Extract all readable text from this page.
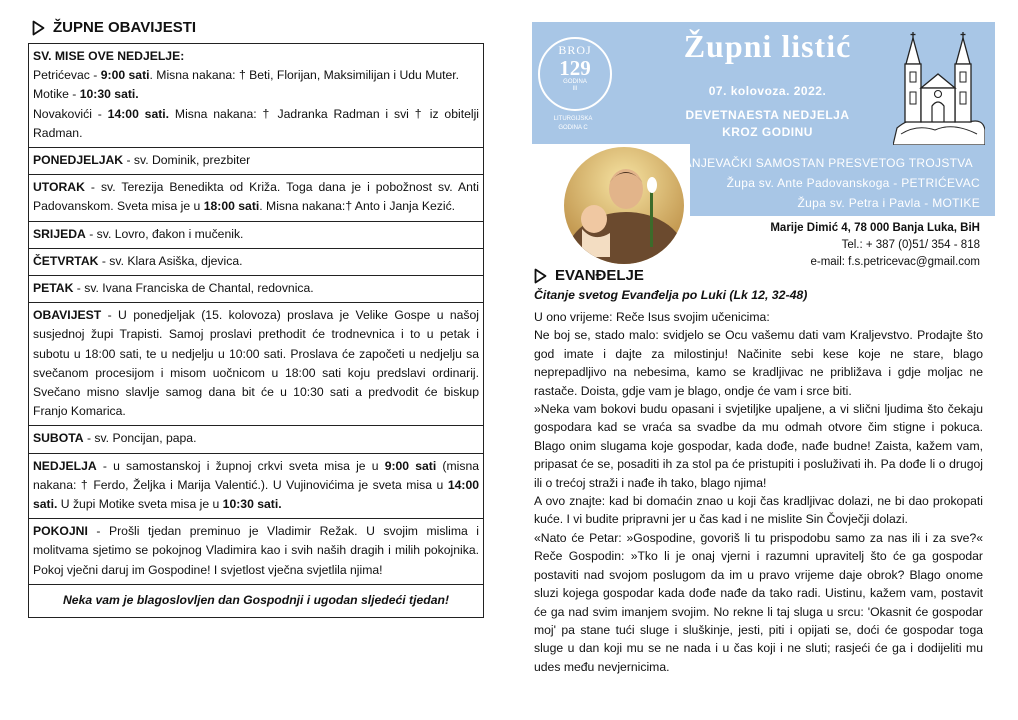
ŽUPNE OBAVIJESTI
SV. MISE OVE NEDJELJE:
Petrićevac - 9:00 sati. Misna nakana: † Beti, Florijan, Maksimilijan i Udu Muter.
Motike - 10:30 sati.
Novakovići - 14:00 sati. Misna nakana: † Jadranka Radman i svi † iz obitelji Radman.
PONEDJELJAK - sv. Dominik, prezbiter
UTORAK - sv. Terezija Benedikta od Križa. Toga dana je i pobožnost sv. Anti Padovanskom. Sveta misa je u 18:00 sati. Misna nakana:† Anto i Janja Kezić.
SRIJEDA - sv. Lovro, đakon i mučenik.
ČETVRTAK - sv. Klara Asiška, djevica.
PETAK - sv. Ivana Franciska de Chantal, redovnica.
OBAVIJEST - U ponedjeljak (15. kolovoza) proslava je Velike Gospe u našoj susjednoj župi Trapisti. Samoj proslavi prethodit će trodnevnica i to u petak i subotu u 18:00 sati, te u nedjelju u 10:00 sati. Proslava će započeti u nedjelju sa svečanom procesijom i misom uočnicom u 18:00 sati koju predslavi ordinarij. Svečano misno slavlje samog dana bit će u 10:30 sati a predvodit će biskup Franjo Komarica.
SUBOTA - sv. Poncijan, papa.
NEDJELJA - u samostanskoj i župnoj crkvi sveta misa je u 9:00 sati (misna nakana: † Ferdo, Željka i Marija Valentić.). U Vujinovićima je sveta misa u 14:00 sati. U župi Motike sveta misa je u 10:30 sati.
POKOJNI - Prošli tjedan preminuo je Vladimir Režak. U svojim mislima i molitvama sjetimo se pokojnog Vladimira kao i svih naših dragih i milih pokojnika. Pokoj vječni daruj im Gospodine! I svjetlost vječna svjetlila njima!
Neka vam je blagoslovljen dan Gospodnji i ugodan sljedeći tjedan!
BROJ
129
GODINA
III
LITURGIJSKA
GODINA C
Župni listić
07. kolovoza. 2022.
DEVETNAESTA NEDJELJA
KROZ GODINU
FRANJEVAČKI SAMOSTAN PRESVETOG TROJSTVA
Župa sv. Ante Padovanskoga - PETRIĆEVAC
Župa sv. Petra i Pavla - MOTIKE
Marije Dimić 4, 78 000 Banja Luka, BiH
Tel.: + 387 (0)51/ 354 - 818
e-mail: f.s.petricevac@gmail.com
EVANĐELJE
Čitanje svetog Evanđelja po Luki (Lk 12, 32-48)

U ono vrijeme: Reče Isus svojim učenicima:

Ne boj se, stado malo: svidjelo se Ocu vašemu dati vam Kraljevstvo. Prodajte što god imate i dajte za milostinju! Načinite sebi kese koje ne stare, blago neprepadljivo na nebesima, kamo se kradljivac ne približava i gdje moljac ne rastače. Doista, gdje vam je blago, ondje će vam i srce biti.

»Neka vam bokovi budu opasani i svjetiljke upaljene, a vi slični ljudima što čekaju gospodara kad se vraća sa svadbe da mu odmah otvore čim stigne i pokuca. Blago onim slugama koje gospodar, kada dođe, nađe budne! Zaista, kažem vam, pripasat će se, posaditi ih za stol pa će pristupiti i posluživati ih. Pa dođe li o drugoj ili o trećoj straži i nađe ih tako, blago njima!

A ovo znajte: kad bi domaćin znao u koji čas kradljivac dolazi, ne bi dao prokopati kuće. I vi budite pripravni jer u čas kad i ne mislite Sin Čovječji dolazi.

«Nato će Petar: »Gospodine, govoriš li tu prispodobu samo za nas ili i za sve?« Reče Gospodin: »Tko li je onaj vjerni i razumni upravitelj što će ga gospodar postaviti nad svojom poslugom da im u pravo vrijeme daje obrok? Blago onome sluzi kojega gospodar kada dođe nađe da tako radi. Uistinu, kažem vam, postavit će ga nad svim imanjem svojim. No rekne li taj sluga u srcu: 'Okasnit će gospodar moj' pa stane tući sluge i sluškinje, jesti, piti i opijati se, doći će gospodar toga sluge u dan koji mu se ne nada i u čas koji i ne sluti; rasjeći će ga i dodijeliti mu udes među nevjernicima.
